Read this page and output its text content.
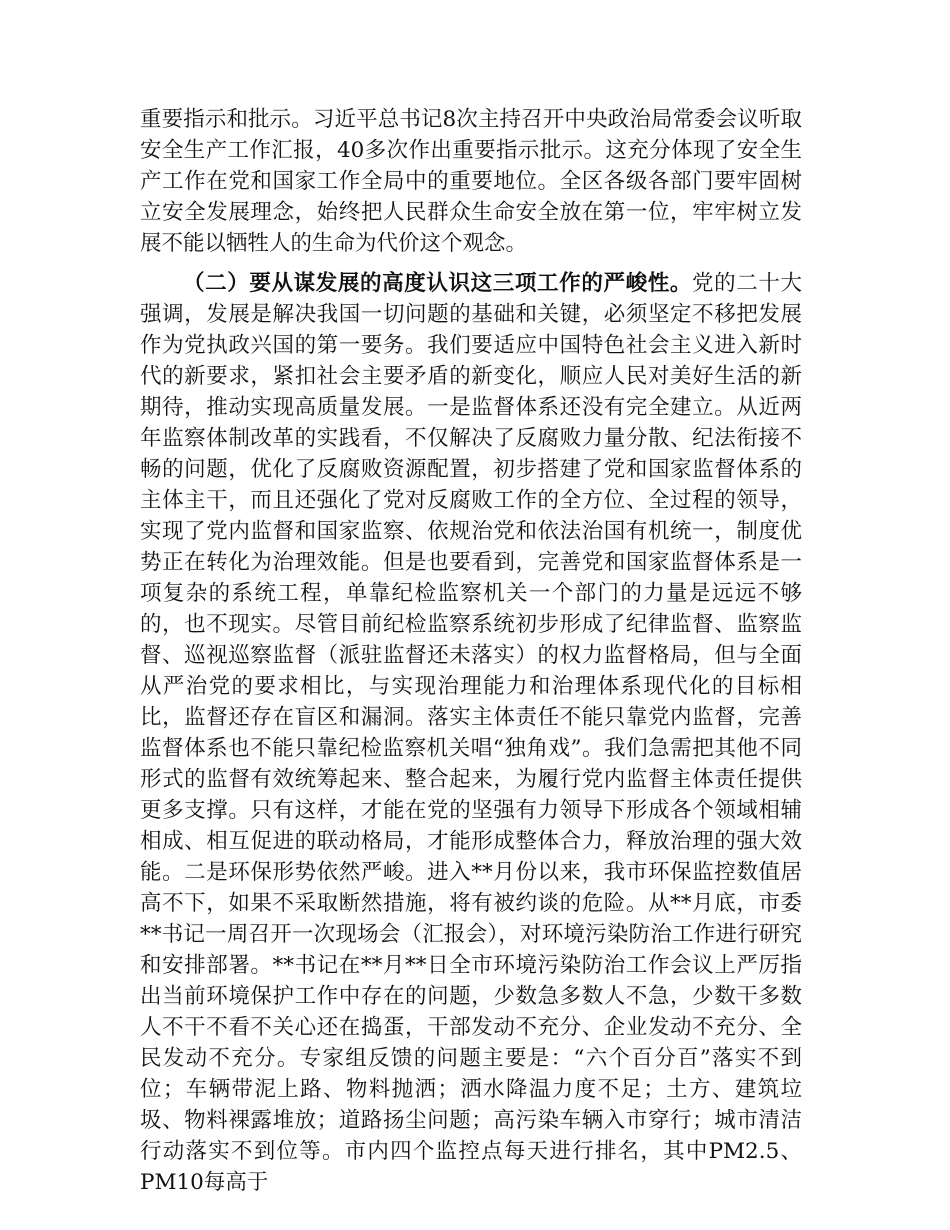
重要指示和批示。习近平总书记8次主持召开中央政治局常委会议听取安全生产工作汇报，40多次作出重要指示批示。这充分体现了安全生产工作在党和国家工作全局中的重要地位。全区各级各部门要牢固树立安全发展理念，始终把人民群众生命安全放在第一位，牢牢树立发展不能以牺牲人的生命为代价这个观念。

（二）要从谋发展的高度认识这三项工作的严峻性。党的二十大强调，发展是解决我国一切问题的基础和关键，必须坚定不移把发展作为党执政兴国的第一要务。我们要适应中国特色社会主义进入新时代的新要求，紧扣社会主要矛盾的新变化，顺应人民对美好生活的新期待，推动实现高质量发展。一是监督体系还没有完全建立。从近两年监察体制改革的实践看，不仅解决了反腐败力量分散、纪法衔接不畅的问题，优化了反腐败资源配置，初步搭建了党和国家监督体系的主体主干，而且还强化了党对反腐败工作的全方位、全过程的领导，实现了党内监督和国家监察、依规治党和依法治国有机统一，制度优势正在转化为治理效能。但是也要看到，完善党和国家监督体系是一项复杂的系统工程，单靠纪检监察机关一个部门的力量是远远不够的，也不现实。尽管目前纪检监察系统初步形成了纪律监督、监察监督、巡视巡察监督（派驻监督还未落实）的权力监督格局，但与全面从严治党的要求相比，与实现治理能力和治理体系现代化的目标相比，监督还存在盲区和漏洞。落实主体责任不能只靠党内监督，完善监督体系也不能只靠纪检监察机关唱“独角戏”。我们急需把其他不同形式的监督有效统筹起来、整合起来，为履行党内监督主体责任提供更多支撑。只有这样，才能在党的坚强有力领导下形成各个领域相辅相成、相互促进的联动格局，才能形成整体合力，释放治理的强大效能。二是环保形势依然严峻。进入**月份以来，我市环保监控数值居高不下，如果不采取断然措施，将有被约谈的危险。从**月底，市委**书记一周召开一次现场会（汇报会），对环境污染防治工作进行研究和安排部署。**书记在**月**日全市环境污染防治工作会议上严厉指出当前环境保护工作中存在的问题，少数急多数人不急，少数干多数人不干不看不关心还在捣蛋，干部发动不充分、企业发动不充分、全民发动不充分。专家组反馈的问题主要是：“六个百分百”落实不到位；车辆带泥上路、物料抛洒；洒水降温力度不足；土方、建筑垃圾、物料裸露堆放；道路扬尘问题；高污染车辆入市穿行；城市清洁行动落实不到位等。市内四个监控点每天进行排名，其中PM2.5、PM10每高于
